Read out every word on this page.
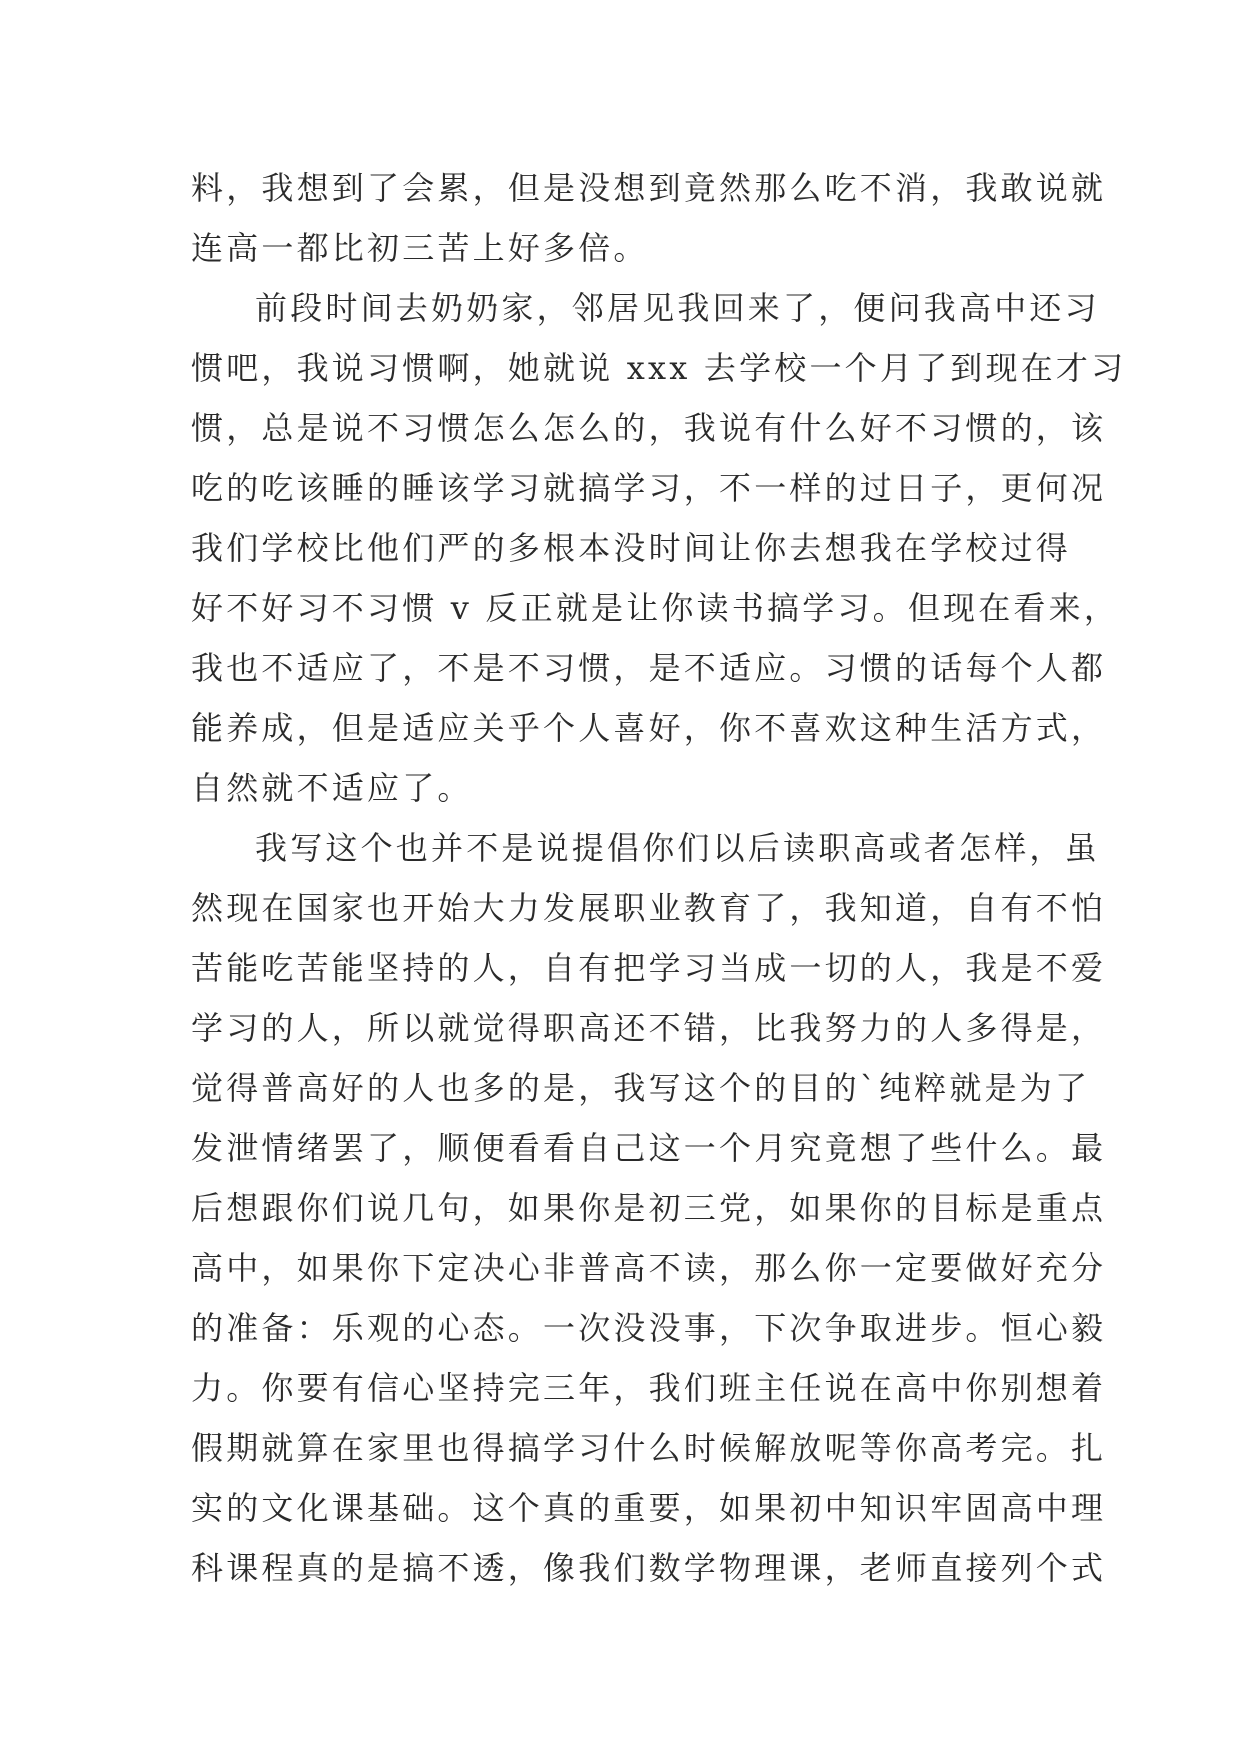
料，我想到了会累，但是没想到竟然那么吃不消，我敢说就
连高一都比初三苦上好多倍。
前段时间去奶奶家，邻居见我回来了，便问我高中还习
惯吧，我说习惯啊，她就说 xxx 去学校一个月了到现在才习
惯，总是说不习惯怎么怎么的，我说有什么好不习惯的，该
吃的吃该睡的睡该学习就搞学习，不一样的过日子，更何况
我们学校比他们严的多根本没时间让你去想我在学校过得
好不好习不习惯 v 反正就是让你读书搞学习。但现在看来，
我也不适应了，不是不习惯，是不适应。习惯的话每个人都
能养成，但是适应关乎个人喜好，你不喜欢这种生活方式，
自然就不适应了。
我写这个也并不是说提倡你们以后读职高或者怎样，虽
然现在国家也开始大力发展职业教育了，我知道，自有不怕
苦能吃苦能坚持的人，自有把学习当成一切的人，我是不爱
学习的人，所以就觉得职高还不错，比我努力的人多得是，
觉得普高好的人也多的是，我写这个的目的`纯粹就是为了
发泄情绪罢了，顺便看看自己这一个月究竟想了些什么。最
后想跟你们说几句，如果你是初三党，如果你的目标是重点
高中，如果你下定决心非普高不读，那么你一定要做好充分
的准备：乐观的心态。一次没没事，下次争取进步。恒心毅
力。你要有信心坚持完三年，我们班主任说在高中你别想着
假期就算在家里也得搞学习什么时候解放呢等你高考完。扎
实的文化课基础。这个真的重要，如果初中知识牢固高中理
科课程真的是搞不透，像我们数学物理课，老师直接列个式
